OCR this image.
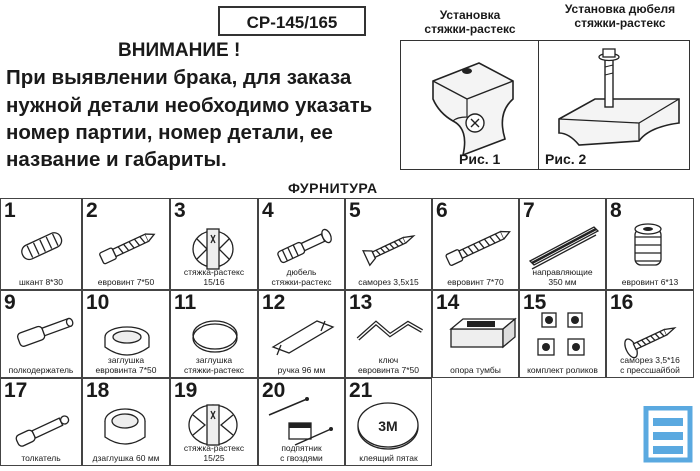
CP-145/165
ВНИМАНИЕ !
При выявлении брака, для заказа
нужной детали необходимо указать
номер партии, номер детали, ее
название и габариты.
Установка
стяжки-растекс
Рис. 1
Установка дюбеля
стяжки-растекс
Рис. 2
ФУРНИТУРА
1
шкант 8*30
2
евровинт 7*50
3
стяжка-растекс
15/16
4
дюбель
стяжки-растекс
5
саморез 3,5х15
6
евровинт 7*70
7
направляющие
350 мм
8
евровинт 6*13
9
полкодержатель
10
заглушка
евровинта 7*50
11
заглушка
стяжки-растекс
12
ручка 96 мм
13
ключ
евровинта 7*50
14
опора тумбы
15
комплект роликов
16
саморез 3,5*16
с прессшайбой
17
толкатель
18
дзаглушка 60 мм
19
стяжка-растекс
15/25
20
подпятник
с гвоздями
3M
21
клеящий пятак
